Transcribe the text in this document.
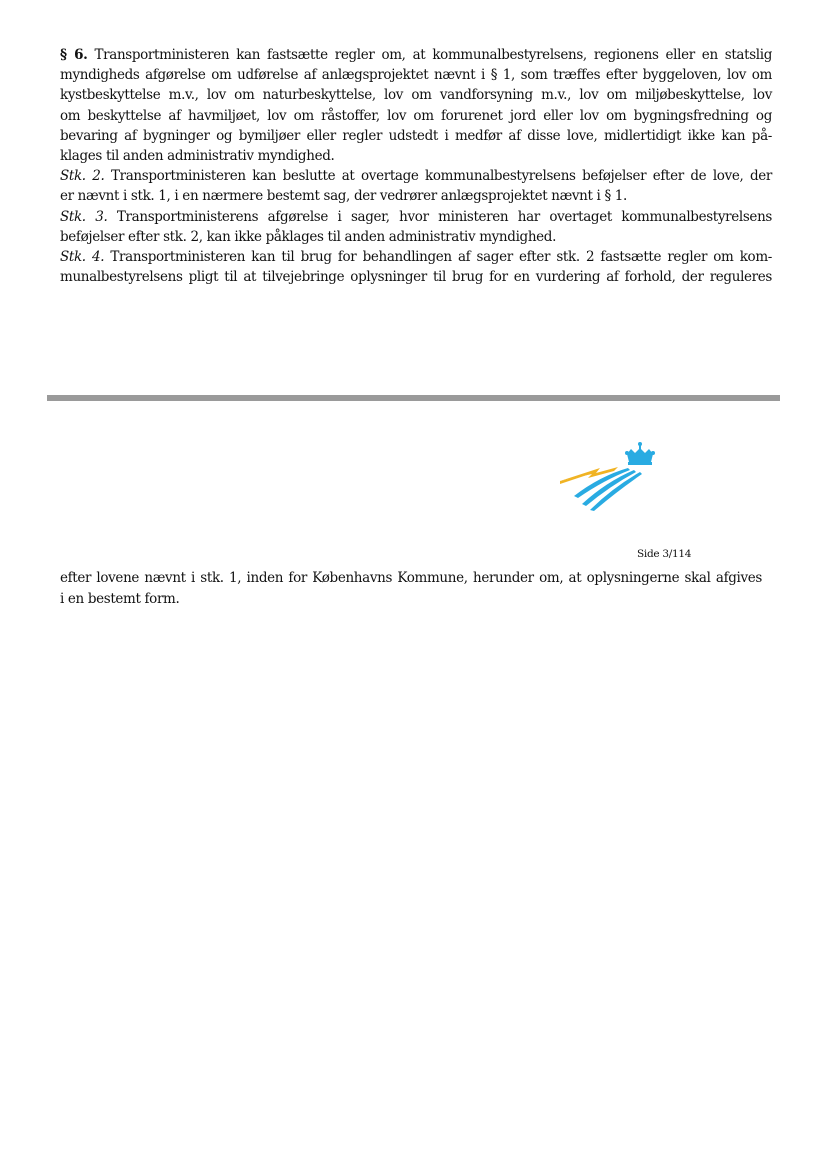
§ 6. Transportministeren kan fastsætte regler om, at kommunalbestyrelsens, regionens eller en statslig
myndigheds afgørelse om udførelse af anlægsprojektet nævnt i § 1, som træffes efter byggeloven, lov om
kystbeskyttelse m.v., lov om naturbeskyttelse, lov om vandforsyning m.v., lov om miljøbeskyttelse, lov
om beskyttelse af havmiljøet, lov om råstoffer, lov om forurenet jord eller lov om bygningsfredning og
bevaring af bygninger og bymiljøer eller regler udstedt i medfør af disse love, midlertidigt ikke kan på-
klages til anden administrativ myndighed.
Stk. 2. Transportministeren kan beslutte at overtage kommunalbestyrelsens beføjelser efter de love, der
er nævnt i stk. 1, i en nærmere bestemt sag, der vedrører anlægsprojektet nævnt i § 1.
Stk. 3. Transportministerens afgørelse i sager, hvor ministeren har overtaget kommunalbestyrelsens
beføjelser efter stk. 2, kan ikke påklages til anden administrativ myndighed.
Stk. 4. Transportministeren kan til brug for behandlingen af sager efter stk. 2 fastsætte regler om kom-
munalbestyrelsens pligt til at tilvejebringe oplysninger til brug for en vurdering af forhold, der reguleres
Side 3/114
efter lovene nævnt i stk. 1, inden for Københavns Kommune, herunder om, at oplysningerne skal afgives
i en bestemt form.
